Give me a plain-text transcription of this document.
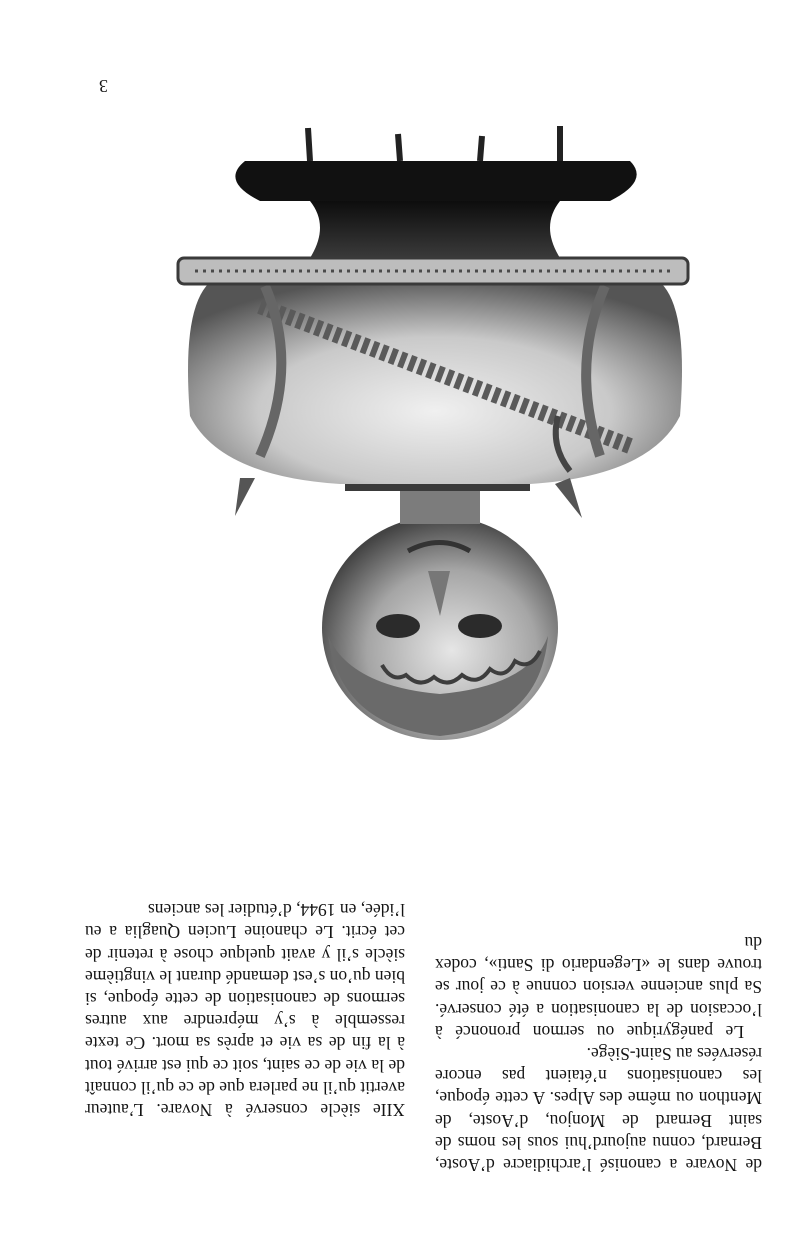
de Novare a canonisé l’archidiacre d’Aoste, Bernard, connu aujourd’hui sous les noms de saint Bernard de Monjou, d’Aoste, de Menthon ou même des Alpes. A cette époque, les canonisations n’étaient pas encore réservées au Saint-Siège.

Le panégyrique ou sermon prononcé à l’occasion de la canonisation a été conservé. Sa plus ancienne version connue à ce jour se trouve dans le «Legendario di Santi», codex du

XIIe siècle conservé à Novare. L’auteur avertit qu’il ne parlera que de ce qu’il connaît de la vie de ce saint, soit ce qui est arrivé tout à la fin de sa vie et après sa mort. Ce texte ressemble à s’y méprendre aux autres sermons de canonisation de cette époque, si bien qu’on s’est demandé durant le vingtième siècle s’il y avait quelque chose à retenir de cet écrit. Le chanoine Lucien Quaglia a eu l’idée, en 1944, d’étudier les anciens

3
